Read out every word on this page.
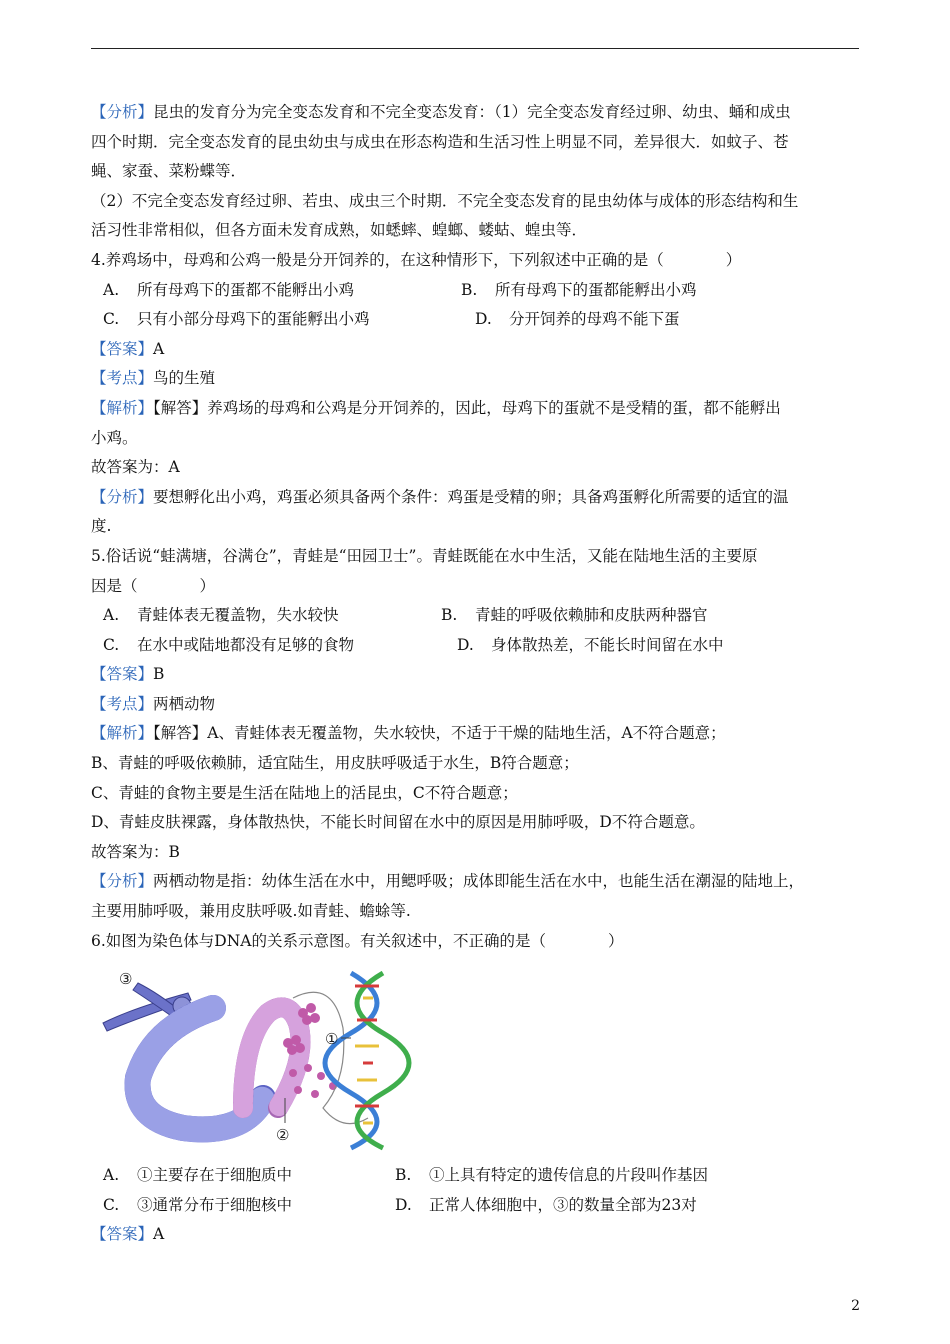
【分析】昆虫的发育分为完全变态发育和不完全变态发育：（1）完全变态发育经过卵、幼虫、蛹和成虫
四个时期．完全变态发育的昆虫幼虫与成虫在形态构造和生活习性上明显不同，差异很大．如蚊子、苍
蝇、家蚕、菜粉蝶等．
（2）不完全变态发育经过卵、若虫、成虫三个时期．不完全变态发育的昆虫幼体与成体的形态结构和生
活习性非常相似，但各方面未发育成熟，如蟋蟀、蝗螂、蝼蛄、蝗虫等．
4.养鸡场中，母鸡和公鸡一般是分开饲养的，在这种情形下，下列叙述中正确的是（　　　　）
A. 所有母鸡下的蛋都不能孵出小鸡	B. 所有母鸡下的蛋都能孵出小鸡
C. 只有小部分母鸡下的蛋能孵出小鸡	D. 分开饲养的母鸡不能下蛋
【答案】A
【考点】鸟的生殖
【解析】【解答】养鸡场的母鸡和公鸡是分开饲养的，因此，母鸡下的蛋就不是受精的蛋，都不能孵出
小鸡。
故答案为：A
【分析】要想孵化出小鸡，鸡蛋必须具备两个条件：鸡蛋是受精的卵；具备鸡蛋孵化所需要的适宜的温
度.
5.俗话说“蛙满塘，谷满仓”，青蛙是“田园卫士”。青蛙既能在水中生活，又能在陆地生活的主要原
因是（　　　　）
A. 青蛙体表无覆盖物，失水较快	B. 青蛙的呼吸依赖肺和皮肤两种器官
C. 在水中或陆地都没有足够的食物	D. 身体散热差，不能长时间留在水中
【答案】B
【考点】两栖动物
【解析】【解答】A、青蛙体表无覆盖物，失水较快，不适于干燥的陆地生活，A不符合题意；
B、青蛙的呼吸依赖肺，适宜陆生，用皮肤呼吸适于水生，B符合题意；
C、青蛙的食物主要是生活在陆地上的活昆虫，C不符合题意；
D、青蛙皮肤裸露，身体散热快，不能长时间留在水中的原因是用肺呼吸，D不符合题意。
故答案为：B
【分析】两栖动物是指：幼体生活在水中，用鳃呼吸；成体即能生活在水中，也能生活在潮湿的陆地上，
主要用肺呼吸，兼用皮肤呼吸.如青蛙、蟾蜍等.
6.如图为染色体与DNA的关系示意图。有关叙述中，不正确的是（　　　　）
①
②
③
A. ①主要存在于细胞质中	B. ①上具有特定的遗传信息的片段叫作基因
C. ③通常分布于细胞核中	D. 正常人体细胞中，③的数量全部为23对
【答案】A
2
